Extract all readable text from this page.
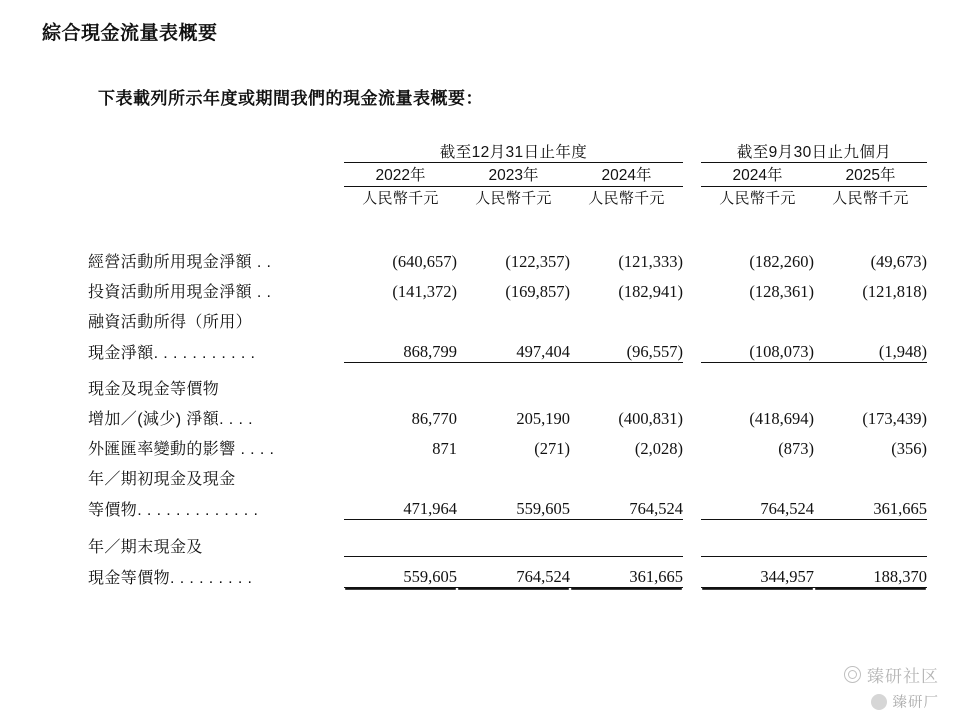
綜合現金流量表概要
下表載列所示年度或期間我們的現金流量表概要：
	截至12月31日止年度				截至9月30日止九個月	
	2022年	2023年	2024年		2024年	2025年

	人民幣千元	人民幣千元	人民幣千元		人民幣千元	人民幣千元

經營活動所用現金淨額 . .	(640,657)	(122,357)	(121,333)		(182,260)	(49,673)
投資活動所用現金淨額 . .	(141,372)	(169,857)	(182,941)		(128,361)	(121,818)
融資活動所得（所用）						
現金淨額. . . . . . . . . . .	868,799	497,404	(96,557)		(108,073)	(1,948)
現金及現金等價物						
增加／(減少) 淨額. . . .	86,770	205,190	(400,831)		(418,694)	(173,439)
外匯匯率變動的影響 . . . .	871	(271)	(2,028)		(873)	(356)
年／期初現金及現金						
等價物. . . . . . . . . . . . .	471,964	559,605	764,524		764,524	361,665
年／期末現金及						
現金等價物. . . . . . . . .	559,605	764,524	361,665		344,957	188,370
臻研社区
臻研厂
